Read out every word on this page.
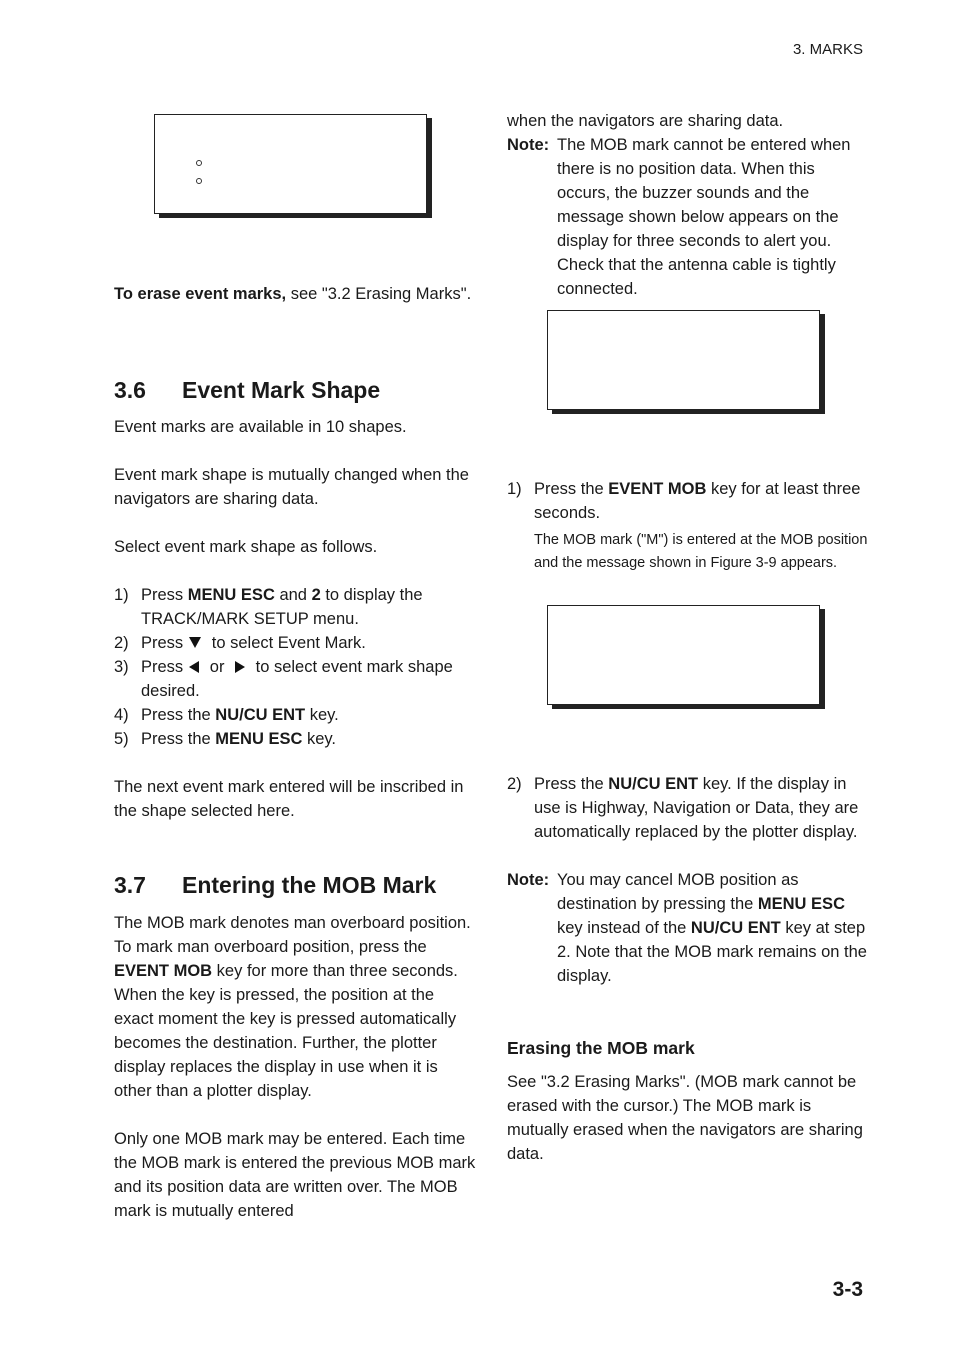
3. MARKS

To erase event marks, see "3.2 Erasing Marks".

3.6 Event Mark Shape

Event marks are available in 10 shapes.

Event mark shape is mutually changed when the navigators are sharing data.

Select event mark shape as follows.

1) Press MENU ESC and 2 to display the TRACK/MARK SETUP menu.
2) Press to select Event Mark.
3) Press or  to select event mark shape desired.
4) Press the NU/CU ENT key.
5) Press the MENU ESC key.

The next event mark entered will be inscribed in the shape selected here.

3.7 Entering the MOB Mark

The MOB mark denotes man overboard position. To mark man overboard position, press the EVENT MOB key for more than three seconds. When the key is pressed, the position at the exact moment the key is pressed automatically becomes the destination. Further, the plotter display replaces the display in use when it is other than a plotter display.

Only one MOB mark may be entered. Each time the MOB mark is entered the previous MOB mark and its position data are written over. The MOB mark is mutually entered

when the navigators are sharing data.

Note: The MOB mark cannot be entered when there is no position data. When this occurs, the buzzer sounds and the message shown below appears on the display for three seconds to alert you. Check that the antenna cable is tightly connected.
1) Press the EVENT MOB key for at least three seconds.

The MOB mark ("M") is entered at the MOB position and the message shown in Figure 3-9 appears.

2) Press the NU/CU ENT key. If the display in use is Highway, Navigation or Data, they are automatically replaced by the plotter display.
Note: You may cancel MOB position as destination by pressing the MENU ESC key instead of the NU/CU ENT key at step 2. Note that the MOB mark remains on the display.
Erasing the MOB mark

See "3.2 Erasing Marks". (MOB mark cannot be erased with the cursor.) The MOB mark is mutually erased when the navigators are sharing data.

3-3
